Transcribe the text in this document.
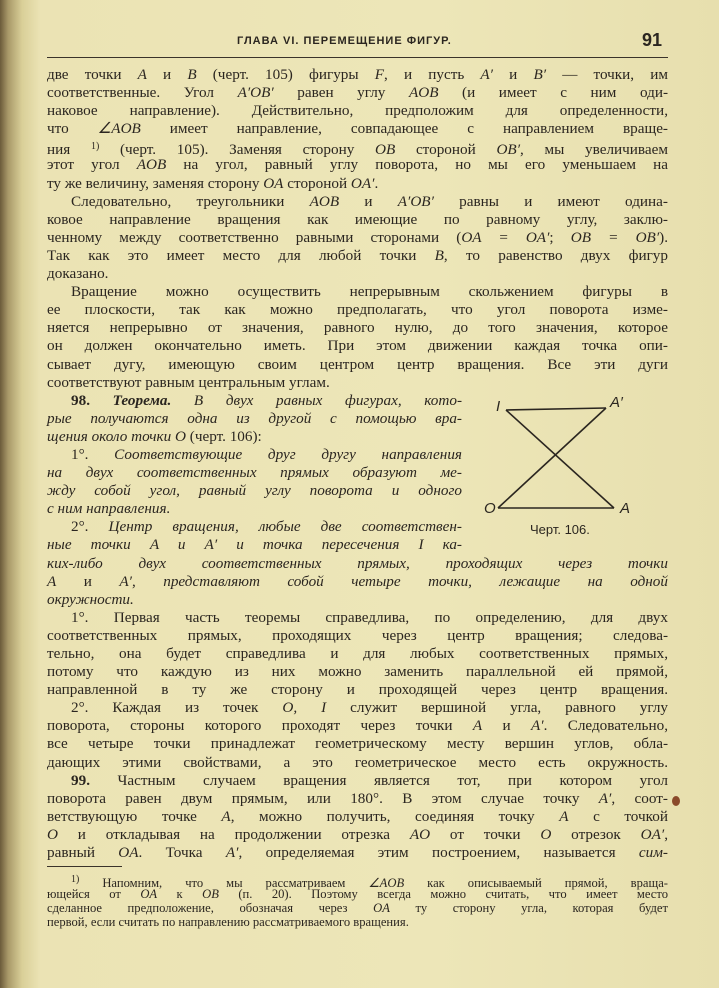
ГЛАВА VI. ПЕРЕМЕЩЕНИЕ ФИГУР.	91
две точки A и B (черт. 105) фигуры F, и пусть A′ и B′ — точки, им
соответственные. Угол A′OB′ равен углу AOB (и имеет с ним оди-
наковое направление). Действительно, предположим для определенности,
что ∠AOB имеет направление, совпадающее с направлением враще-
ния $^{1)}$ (черт. 105). Заменяя сторону OB стороной OB′, мы увеличиваем
этот угол AOB на угол, равный углу поворота, но мы его уменьшаем на
ту же величину, заменяя сторону OA стороной OA′.
Следовательно, треугольники AOB и A′OB′ равны и имеют одина-
ковое направление вращения как имеющие по равному углу, заклю-
ченному между соответственно равными сторонами (OA = OA′; OB = OB′).
Так как это имеет место для любой точки B, то равенство двух фигур
доказано.
Вращение можно осуществить непрерывным скольжением фигуры в
ее плоскости, так как можно предполагать, что угол поворота изме-
няется непрерывно от значения, равного нулю, до того значения, которое
он должен окончательно иметь. При этом движении каждая точка опи-
сывает дугу, имеющую своим центром центр вращения. Все эти дуги
соответствуют равным центральным углам.
98. Теорема. В двух равных фигурах, кото-
рые получаются одна из другой с помощью вра-
щения около точки O (черт. 106):
1°. Соответствующие друг другу направления
на двух соответственных прямых образуют ме-
жду собой угол, равный углу поворота и одного
с ним направления.
2°. Центр вращения, любые две соответствен-
ные точки A и A′ и точка пересечения I ка-
ких-либо двух соответственных прямых, проходящих через точки
A и A′, представляют собой четыре точки, лежащие на одной
окружности.
1°. Первая часть теоремы справедлива, по определению, для двух
соответственных прямых, проходящих через центр вращения; следова-
тельно, она будет справедлива и для любых соответственных прямых,
потому что каждую из них можно заменить параллельной ей прямой,
направленной в ту же сторону и проходящей через центр вращения.
2°. Каждая из точек O, I служит вершиной угла, равного углу
поворота, стороны которого проходят через точки A и A′. Следовательно,
все четыре точки принадлежат геометрическому месту вершин углов, обла-
дающих этими свойствами, а это геометрическое место есть окружность.
99. Частным случаем вращения является тот, при котором угол
поворота равен двум прямым, или 180°. В этом случае точку A′, соот-
ветствующую точке A, можно получить, соединяя точку A с точкой
O и откладывая на продолжении отрезка AO от точки O отрезок OA′,
равный OA. Точка A′, определяемая этим построением, называется сим-
I	A′
O	A
Черт. 106.
$^{1)}$ Напомним, что мы рассматриваем ∠AOB как описываемый прямой, враща-
ющейся от OA к OB (п. 20). Поэтому всегда можно считать, что имеет место
сделанное предположение, обозначая через OA ту сторону угла, которая будет
первой, если считать по направлению рассматриваемого вращения.
